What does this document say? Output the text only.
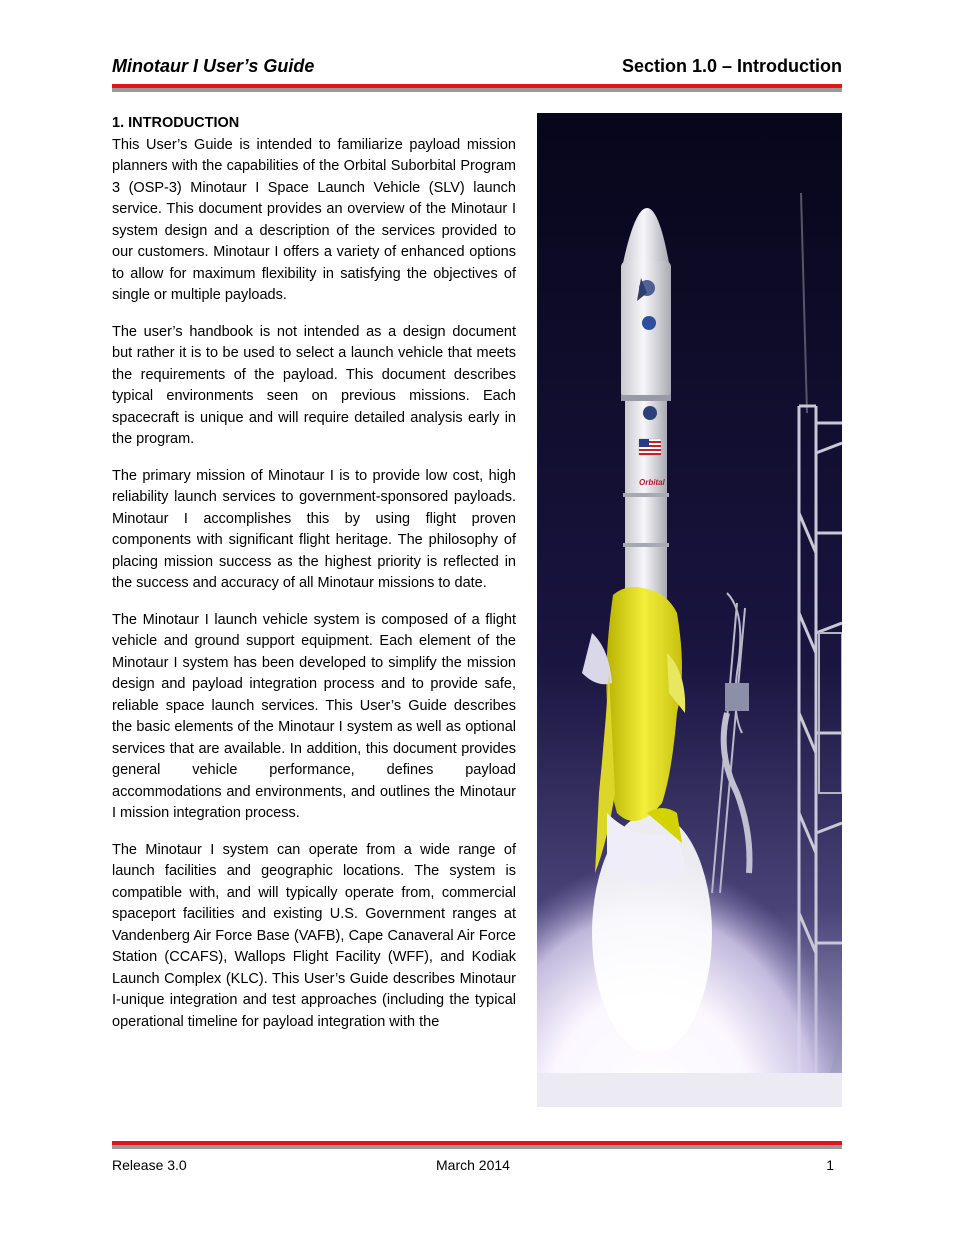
Minotaur I User’s Guide	Section 1.0 – Introduction
1. INTRODUCTION

This User’s Guide is intended to familiarize payload mission planners with the capabilities of the Orbital Suborbital Program 3 (OSP-3) Minotaur I Space Launch Vehicle (SLV) launch service. This document provides an overview of the Minotaur I system design and a description of the services provided to our customers. Minotaur I offers a variety of enhanced options to allow for maximum flexibility in satisfying the objectives of single or multiple payloads.

The user’s handbook is not intended as a design document but rather it is to be used to select a launch vehicle that meets the requirements of the payload. This document describes typical environments seen on previous missions. Each spacecraft is unique and will require detailed analysis early in the program.

The primary mission of Minotaur I is to provide low cost, high reliability launch services to government-sponsored payloads. Minotaur I accomplishes this by using flight proven components with significant flight heritage. The philosophy of placing mission success as the highest priority is reflected in the success and accuracy of all Minotaur missions to date.

The Minotaur I launch vehicle system is composed of a flight vehicle and ground support equipment. Each element of the Minotaur I system has been developed to simplify the mission design and payload integration process and to provide safe, reliable space launch services. This User’s Guide describes the basic elements of the Minotaur I system as well as optional services that are available. In addition, this document provides general vehicle performance, defines payload accommodations and environments, and outlines the Minotaur I mission integration process.

The Minotaur I system can operate from a wide range of launch facilities and geographic locations. The system is compatible with, and will typically operate from, commercial spaceport facilities and existing U.S. Government ranges at Vandenberg Air Force Base (VAFB), Cape Canaveral Air Force Station (CCAFS), Wallops Flight Facility (WFF), and Kodiak Launch Complex (KLC). This User’s Guide describes Minotaur I-unique integration and test approaches (including the typical operational timeline for payload integration with the

Orbital
Release 3.0	March 2014	1
